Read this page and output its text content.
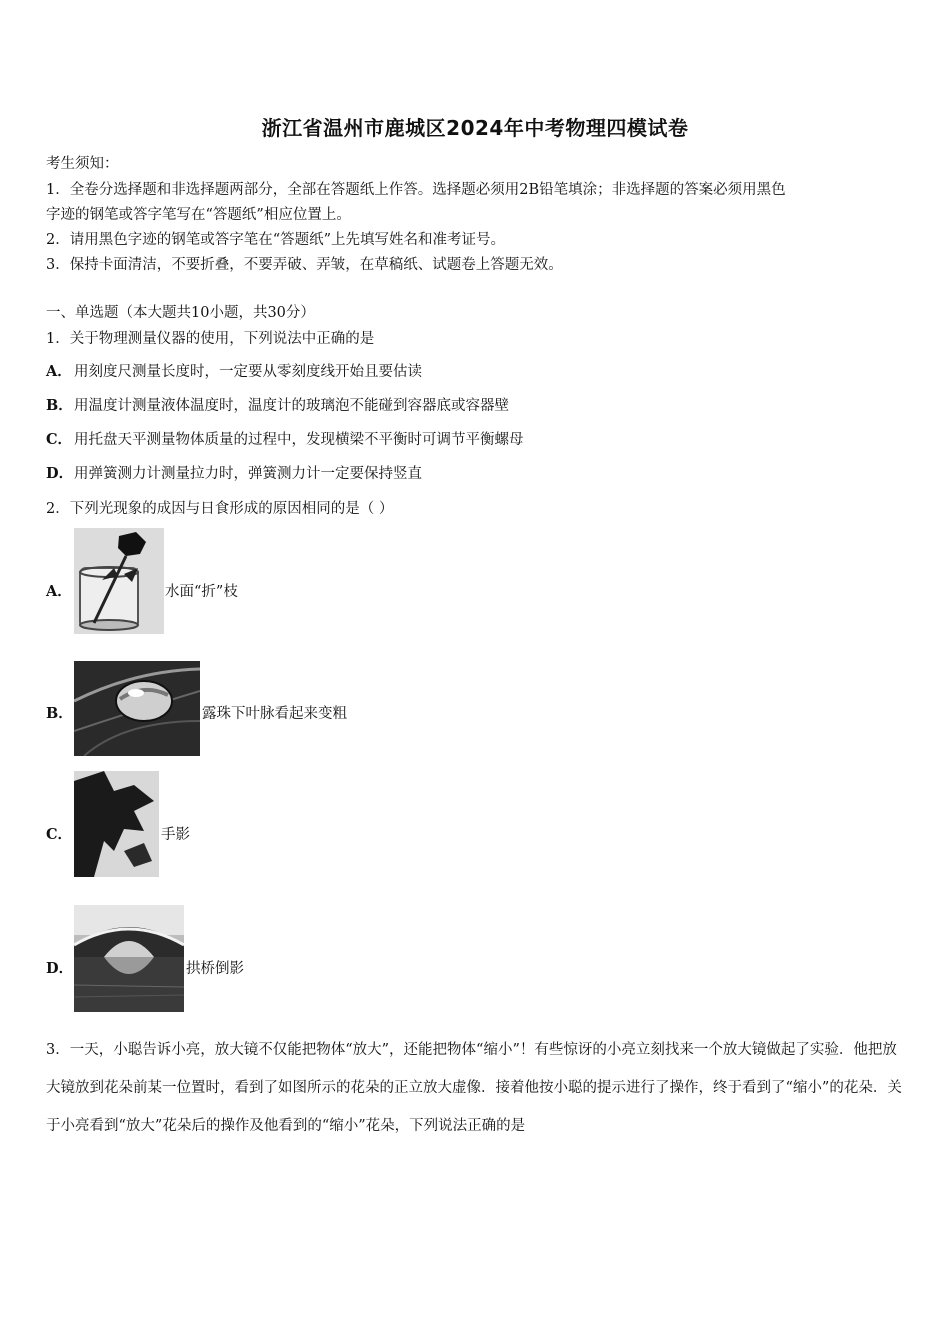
浙江省温州市鹿城区2024年中考物理四模试卷
考生须知：
1．全卷分选择题和非选择题两部分，全部在答题纸上作答。选择题必须用2B铅笔填涂；非选择题的答案必须用黑色
字迹的钢笔或答字笔写在“答题纸”相应位置上。
2．请用黑色字迹的钢笔或答字笔在“答题纸”上先填写姓名和准考证号。
3．保持卡面清洁，不要折叠，不要弄破、弄皱，在草稿纸、试题卷上答题无效。
一、单选题（本大题共10小题，共30分）
1．关于物理测量仪器的使用，下列说法中正确的是
A． 用刻度尺测量长度时，一定要从零刻度线开始且要估读
B． 用温度计测量液体温度时，温度计的玻璃泡不能碰到容器底或容器壁
C． 用托盘天平测量物体质量的过程中，发现横梁不平衡时可调节平衡螺母
D． 用弹簧测力计测量拉力时，弹簧测力计一定要保持竖直
2．下列光现象的成因与日食形成的原因相同的是（ ）
A．	水面“折”枝
B．	露珠下叶脉看起来变粗
C．	手影
D．	拱桥倒影
3．一天，小聪告诉小亮，放大镜不仅能把物体“放大”，还能把物体“缩小”！有些惊讶的小亮立刻找来一个放大镜做起了实验．他把放大镜放到花朵前某一位置时，看到了如图所示的花朵的正立放大虚像．接着他按小聪的提示进行了操作，终于看到了“缩小”的花朵．关于小亮看到“放大”花朵后的操作及他看到的“缩小”花朵，下列说法正确的是
